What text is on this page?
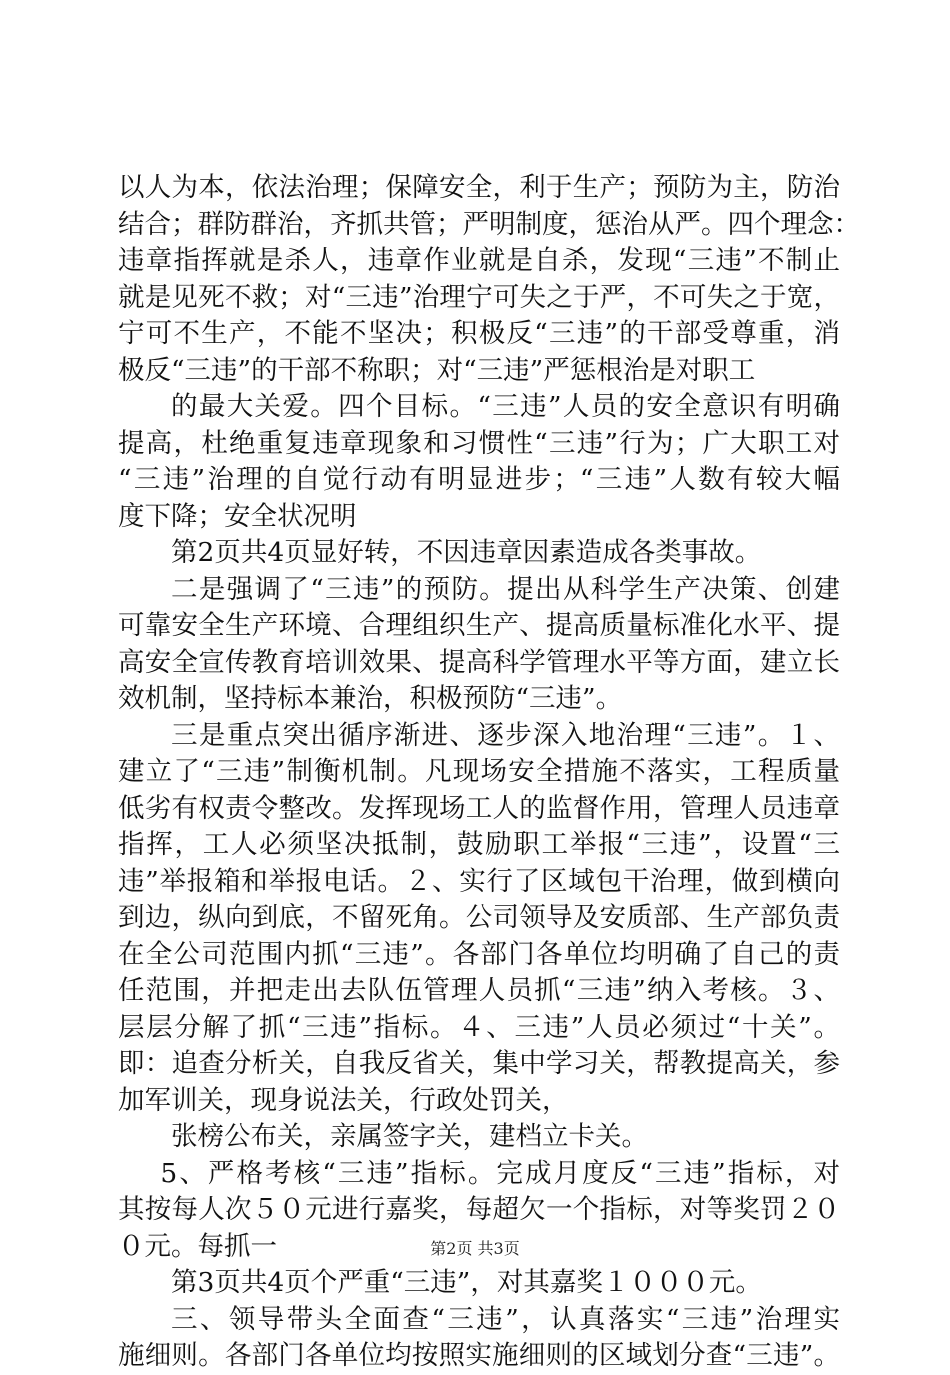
以人为本，依法治理；保障安全，利于生产；预防为主，防治
结合；群防群治，齐抓共管；严明制度，惩治从严。四个理念：
违章指挥就是杀人，违章作业就是自杀，发现“三违”不制止
就是见死不救；对“三违”治理宁可失之于严，不可失之于宽，
宁可不生产，不能不坚决；积极反“三违”的干部受尊重，消
极反“三违”的干部不称职；对“三违”严惩根治是对职工
的最大关爱。四个目标。“三违”人员的安全意识有明确
提高，杜绝重复违章现象和习惯性“三违”行为；广大职工对
“三违”治理的自觉行动有明显进步；“三违”人数有较大幅
度下降；安全状况明
第2页共4页显好转，不因违章因素造成各类事故。
二是强调了“三违”的预防。提出从科学生产决策、创建
可靠安全生产环境、合理组织生产、提高质量标准化水平、提
高安全宣传教育培训效果、提高科学管理水平等方面，建立长
效机制，坚持标本兼治，积极预防“三违”。
三是重点突出循序渐进、逐步深入地治理“三违”。１、
建立了“三违”制衡机制。凡现场安全措施不落实，工程质量
低劣有权责令整改。发挥现场工人的监督作用，管理人员违章
指挥，工人必须坚决抵制，鼓励职工举报“三违”，设置“三
违”举报箱和举报电话。２、实行了区域包干治理，做到横向
到边，纵向到底，不留死角。公司领导及安质部、生产部负责
在全公司范围内抓“三违”。各部门各单位均明确了自己的责
任范围，并把走出去队伍管理人员抓“三违”纳入考核。３、
层层分解了抓“三违”指标。４、三违”人员必须过“十关”。
即：追查分析关，自我反省关，集中学习关，帮教提高关，参
加军训关，现身说法关，行政处罚关，
张榜公布关，亲属签字关，建档立卡关。
5、严格考核“三违”指标。完成月度反“三违”指标，对
其按每人次５０元进行嘉奖，每超欠一个指标，对等奖罚２０
０元。每抓一
第3页共4页个严重“三违”，对其嘉奖１０００元。
三、领导带头全面查“三违”，认真落实“三违”治理实
施细则。各部门各单位均按照实施细则的区域划分查“三违”。
第2页 共3页
